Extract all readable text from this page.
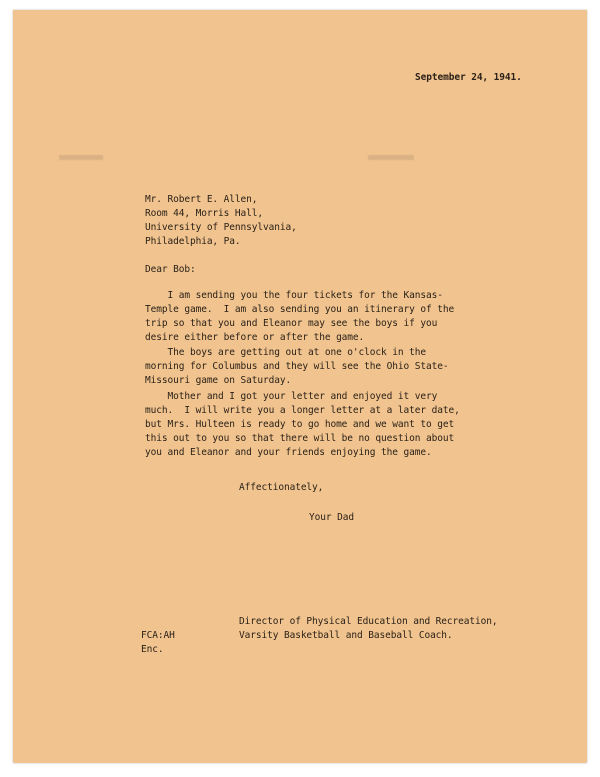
September 24, 1941.
Mr. Robert E. Allen,
Room 44, Morris Hall,
University of Pennsylvania,
Philadelphia, Pa.
Dear Bob:
I am sending you the four tickets for the Kansas-
Temple game.  I am also sending you an itinerary of the
trip so that you and Eleanor may see the boys if you
desire either before or after the game.
The boys are getting out at one o'clock in the
morning for Columbus and they will see the Ohio State-
Missouri game on Saturday.
Mother and I got your letter and enjoyed it very
much.  I will write you a longer letter at a later date,
but Mrs. Hulteen is ready to go home and we want to get
this out to you so that there will be no question about
you and Eleanor and your friends enjoying the game.
Affectionately,
Your Dad
Director of Physical Education and Recreation,
Varsity Basketball and Baseball Coach.
FCA:AH
Enc.
